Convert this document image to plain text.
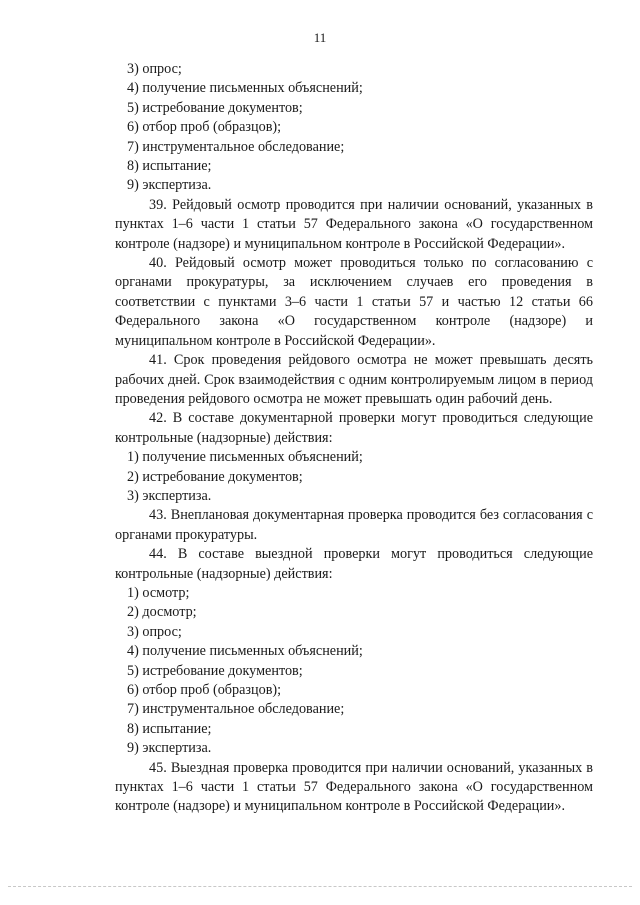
11
3) опрос;
4) получение письменных объяснений;
5) истребование документов;
6) отбор проб (образцов);
7) инструментальное обследование;
8) испытание;
9) экспертиза.
39. Рейдовый осмотр проводится при наличии оснований, указанных в пунктах 1–6 части 1 статьи 57 Федерального закона «О государственном контроле (надзоре) и муниципальном контроле в Российской Федерации».
40. Рейдовый осмотр может проводиться только по согласованию с органами прокуратуры, за исключением случаев его проведения в соответствии с пунктами 3–6 части 1 статьи 57 и частью 12 статьи 66 Федерального закона «О государственном контроле (надзоре) и муниципальном контроле в Российской Федерации».
41. Срок проведения рейдового осмотра не может превышать десять рабочих дней. Срок взаимодействия с одним контролируемым лицом в период проведения рейдового осмотра не может превышать один рабочий день.
42. В составе документарной проверки могут проводиться следующие контрольные (надзорные) действия:
1) получение письменных объяснений;
2) истребование документов;
3) экспертиза.
43. Внеплановая документарная проверка проводится без согласования с органами прокуратуры.
44. В составе выездной проверки могут проводиться следующие контрольные (надзорные) действия:
1) осмотр;
2) досмотр;
3) опрос;
4) получение письменных объяснений;
5) истребование документов;
6) отбор проб (образцов);
7) инструментальное обследование;
8) испытание;
9) экспертиза.
45. Выездная проверка проводится при наличии оснований, указанных в пунктах 1–6 части 1 статьи 57 Федерального закона «О государственном контроле (надзоре) и муниципальном контроле в Российской Федерации».
